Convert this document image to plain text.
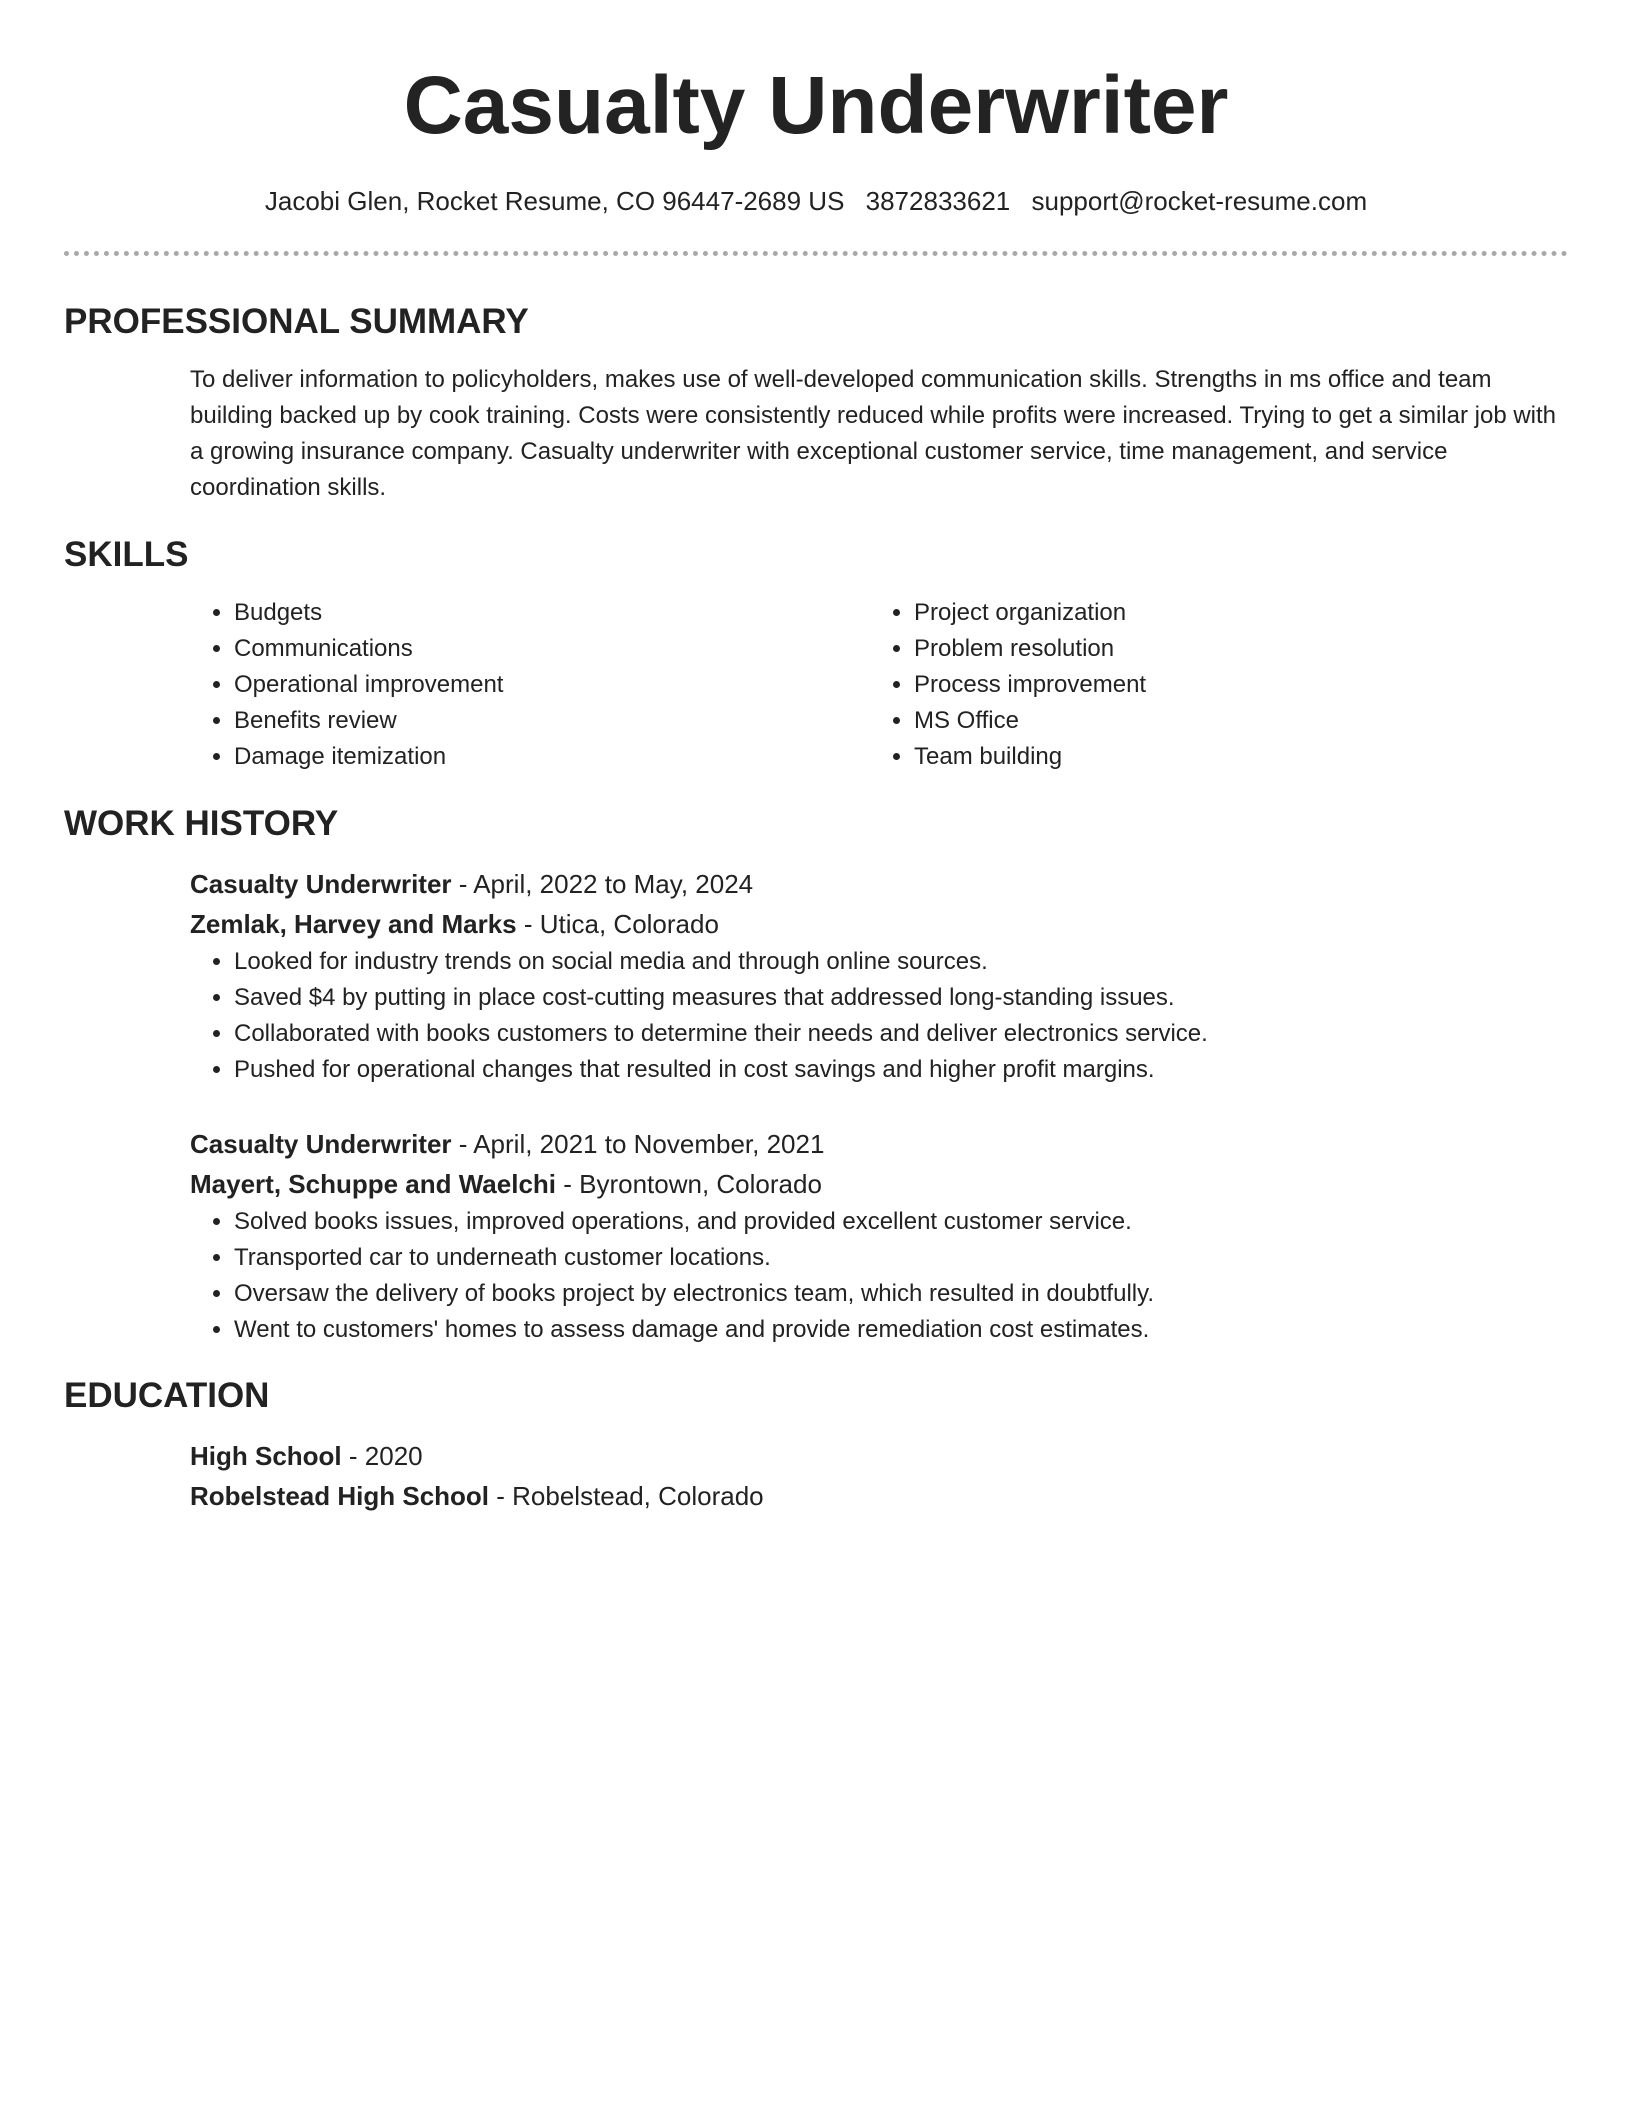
Casualty Underwriter
Jacobi Glen, Rocket Resume, CO 96447-2689 US 3872833621 support@rocket-resume.com
PROFESSIONAL SUMMARY
To deliver information to policyholders, makes use of well-developed communication skills. Strengths in ms office and team building backed up by cook training. Costs were consistently reduced while profits were increased. Trying to get a similar job with a growing insurance company. Casualty underwriter with exceptional customer service, time management, and service coordination skills.
SKILLS
• Budgets
• Communications
• Operational improvement
• Benefits review
• Damage itemization
• Project organization
• Problem resolution
• Process improvement
• MS Office
• Team building
WORK HISTORY
Casualty Underwriter - April, 2022 to May, 2024
Zemlak, Harvey and Marks - Utica, Colorado
• Looked for industry trends on social media and through online sources.
• Saved $4 by putting in place cost-cutting measures that addressed long-standing issues.
• Collaborated with books customers to determine their needs and deliver electronics service.
• Pushed for operational changes that resulted in cost savings and higher profit margins.
Casualty Underwriter - April, 2021 to November, 2021
Mayert, Schuppe and Waelchi - Byrontown, Colorado
• Solved books issues, improved operations, and provided excellent customer service.
• Transported car to underneath customer locations.
• Oversaw the delivery of books project by electronics team, which resulted in doubtfully.
• Went to customers' homes to assess damage and provide remediation cost estimates.
EDUCATION
High School - 2020
Robelstead High School - Robelstead, Colorado
